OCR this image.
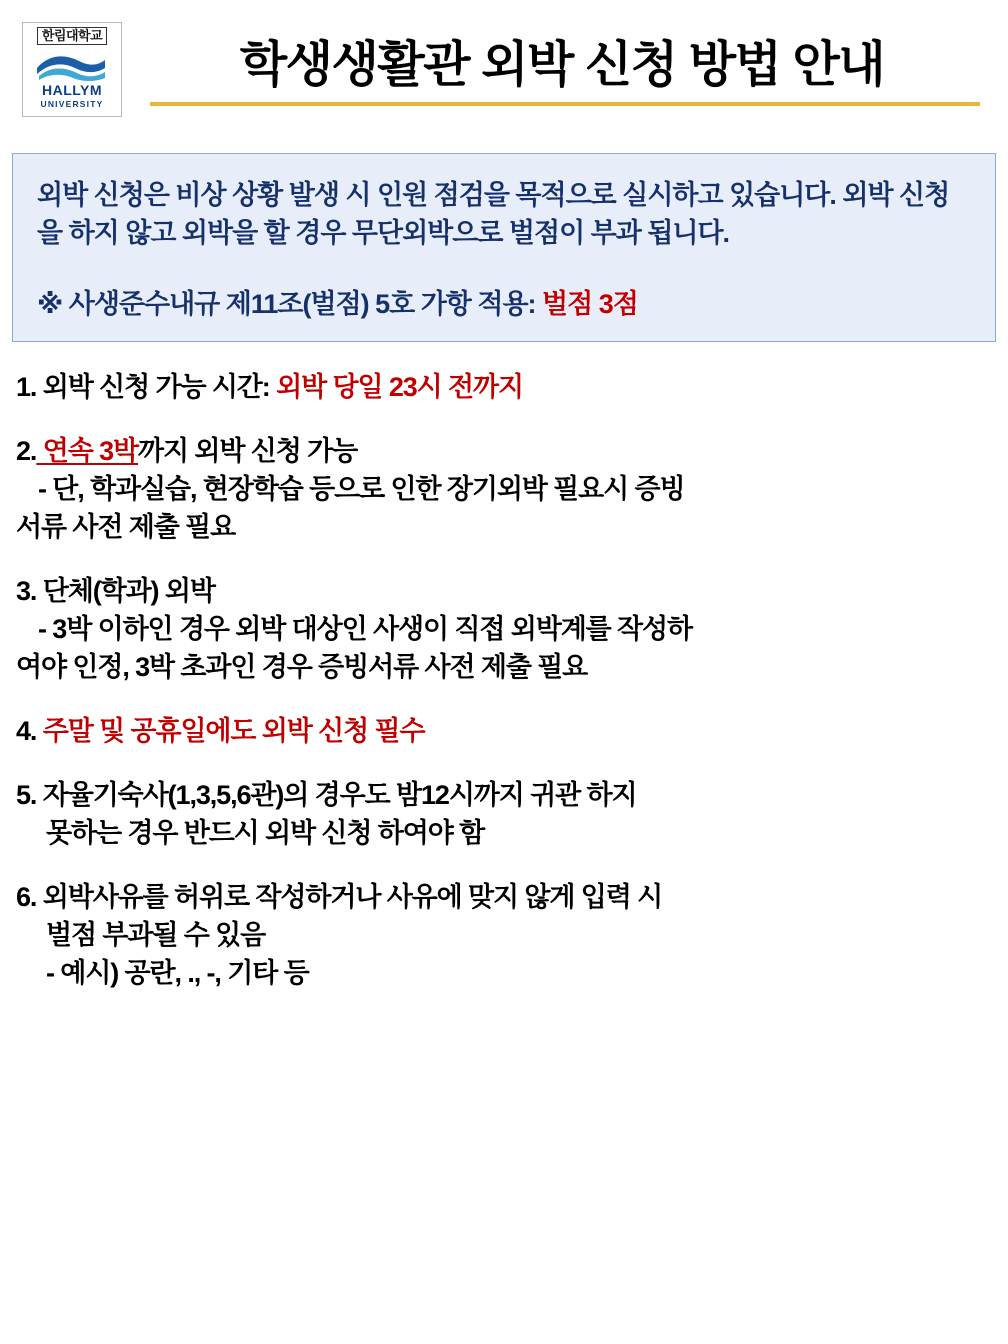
한림대학교
HALLYM
UNIVERSITY
학생생활관 외박 신청 방법 안내

외박 신청은 비상 상황 발생 시 인원 점검을 목적으로 실시하고 있습니다. 외박 신청을 하지 않고 외박을 할 경우 무단외박으로 벌점이 부과 됩니다.

※ 사생준수내규 제11조(벌점) 5호 가항 적용: 벌점 3점
1. 외박 신청 가능 시간: 외박 당일 23시 전까지
2. 연속 3박까지 외박 신청 가능
- 단, 학과실습, 현장학습 등으로 인한 장기외박 필요시 증빙
서류 사전 제출 필요
3. 단체(학과) 외박
- 3박 이하인 경우 외박 대상인 사생이 직접 외박계를 작성하
여야 인정, 3박 초과인 경우 증빙서류 사전 제출 필요
4. 주말 및 공휴일에도 외박 신청 필수
5. 자율기숙사(1,3,5,6관)의 경우도 밤12시까지 귀관 하지
못하는 경우 반드시 외박 신청 하여야 함
6. 외박사유를 허위로 작성하거나 사유에 맞지 않게 입력 시
벌점 부과될 수 있음
- 예시) 공란, ., -, 기타 등
